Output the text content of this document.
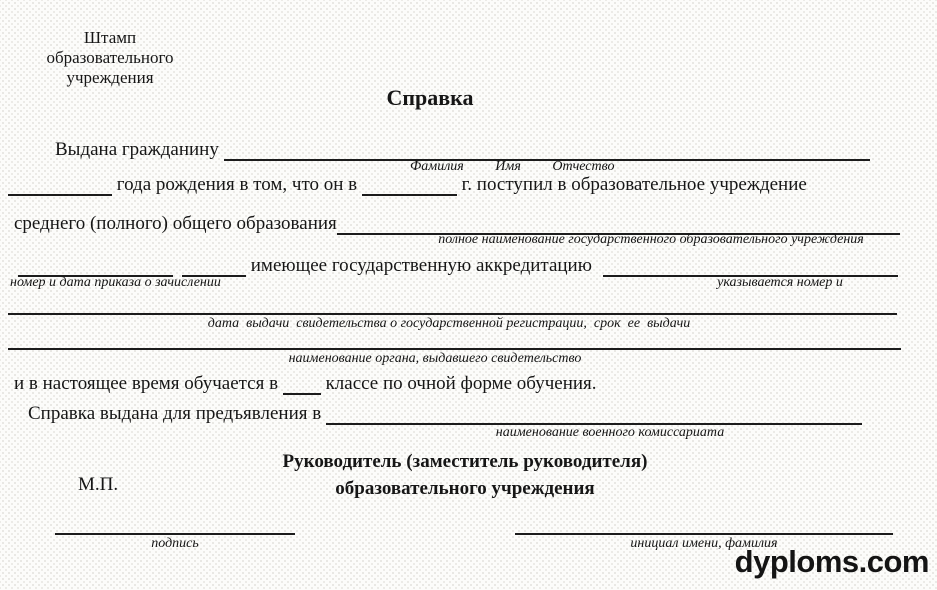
Штамп
образовательного
учреждения
Справка
Выдана гражданину
Фамилия         Имя         Отчество
года рождения в том, что он в	г. поступил в образовательное учреждение
среднего (полного) общего образования
полное наименование государственного образовательного учреждения
имеющее государственную аккредитацию
номер и дата приказа о зачислении	указывается номер и
дата  выдачи  свидетельства о государственной регистрации,  срок  ее  выдачи
наименование органа, выдавшего свидетельство
и в настоящее время обучается в классе по очной форме обучения.
Справка выдана для предъявления в
наименование военного комиссариата
Руководитель (заместитель руководителя)
образовательного учреждения
М.П.
подпись	инициал имени, фамилия
dyploms.com
